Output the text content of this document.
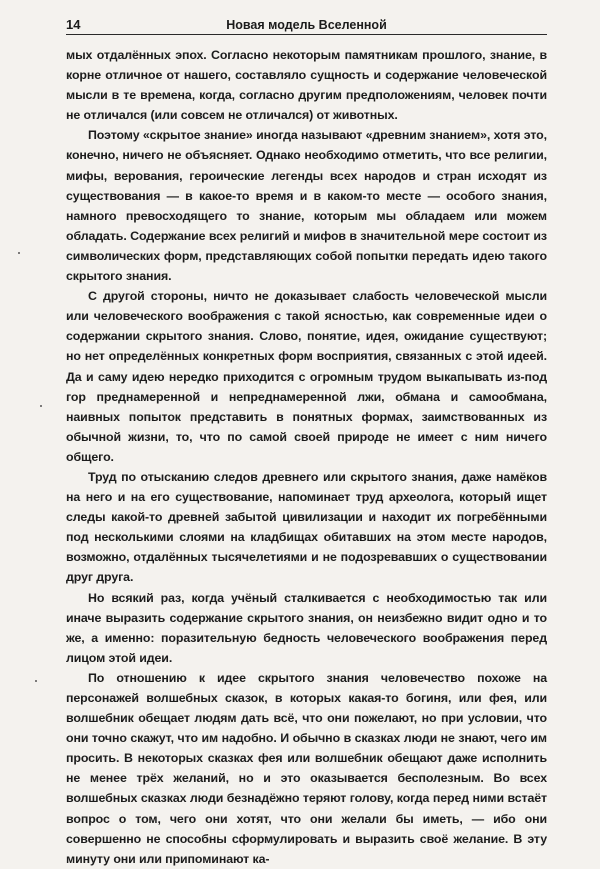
14	Новая модель Вселенной

мых отдалённых эпох. Согласно некоторым памятникам прошлого, знание, в корне отличное от нашего, составляло сущность и содержание человеческой мысли в те времена, когда, согласно другим предположениям, человек почти не отличался (или совсем не отличался) от животных.

Поэтому «скрытое знание» иногда называют «древним знанием», хотя это, конечно, ничего не объясняет. Однако необходимо отметить, что все религии, мифы, верования, героические легенды всех народов и стран исходят из существования — в какое-то время и в каком-то месте — особого знания, намного превосходящего то знание, которым мы обладаем или можем обладать. Содержание всех религий и мифов в значительной мере состоит из символических форм, представляющих собой попытки передать идею такого скрытого знания.

С другой стороны, ничто не доказывает слабость человеческой мысли или человеческого воображения с такой ясностью, как современные идеи о содержании скрытого знания. Слово, понятие, идея, ожидание существуют; но нет определённых конкретных форм восприятия, связанных с этой идеей. Да и саму идею нередко приходится с огромным трудом выкапывать из-под гор преднамеренной и непреднамеренной лжи, обмана и самообмана, наивных попыток представить в понятных формах, заимствованных из обычной жизни, то, что по самой своей природе не имеет с ним ничего общего.

Труд по отысканию следов древнего или скрытого знания, даже намёков на него и на его существование, напоминает труд археолога, который ищет следы какой-то древней забытой цивилизации и находит их погребёнными под несколькими слоями на кладбищах обитавших на этом месте народов, возможно, отдалённых тысячелетиями и не подозревавших о существовании друг друга.

Но всякий раз, когда учёный сталкивается с необходимостью так или иначе выразить содержание скрытого знания, он неизбежно видит одно и то же, а именно: поразительную бедность человеческого воображения перед лицом этой идеи.

По отношению к идее скрытого знания человечество похоже на персонажей волшебных сказок, в которых какая-то богиня, или фея, или волшебник обещает людям дать всё, что они пожелают, но при условии, что они точно скажут, что им надобно. И обычно в сказках люди не знают, чего им просить. В некоторых сказках фея или волшебник обещают даже исполнить не менее трёх желаний, но и это оказывается бесполезным. Во всех волшебных сказках люди безнадёжно теряют голову, когда перед ними встаёт вопрос о том, чего они хотят, что они желали бы иметь, — ибо они совершенно не способны сформулировать и выразить своё желание. В эту минуту они или припоминают ка-
